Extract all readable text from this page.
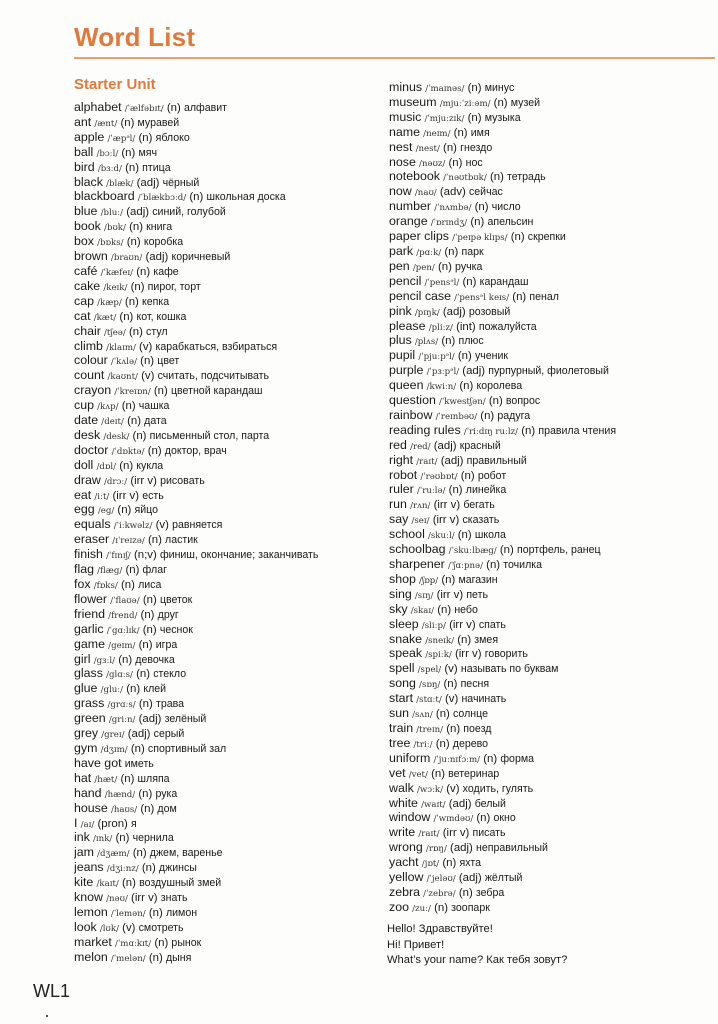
Word List
Starter Unit
alphabet /ˈælfəbɪt/ (n) алфавит
ant /ænt/ (n) муравей
apple /ˈæpᵊl/ (n) яблоко
ball /bɔːl/ (n) мяч
bird /bɜːd/ (n) птица
black /blæk/ (adj) чёрный
blackboard /ˈblækbɔːd/ (n) школьная доска
blue /bluː/ (adj) синий, голубой
book /bʊk/ (n) книга
box /bɒks/ (n) коробка
brown /braʊn/ (adj) коричневый
café /ˈkæfeɪ/ (n) кафе
cake /keɪk/ (n) пирог, торт
cap /kæp/ (n) кепка
cat /kæt/ (n) кот, кошка
chair /tʃeə/ (n) стул
climb /klaɪm/ (v) карабкаться, взбираться
colour /ˈkʌlə/ (n) цвет
count /kaʊnt/ (v) считать, подсчитывать
crayon /ˈkreɪɒn/ (n) цветной карандаш
cup /kʌp/ (n) чашка
date /deɪt/ (n) дата
desk /desk/ (n) письменный стол, парта
doctor /ˈdɒktə/ (n) доктор, врач
doll /dɒl/ (n) кукла
draw /drɔː/ (irr v) рисовать
eat /iːt/ (irr v) есть
egg /eg/ (n) яйцо
equals /ˈiːkwəlz/ (v) равняется
eraser /ɪˈreɪzə/ (n) ластик
finish /ˈfɪnɪʃ/ (n;v) финиш, окончание; заканчивать
flag /flæg/ (n) флаг
fox /fɒks/ (n) лиса
flower /ˈflaʊə/ (n) цветок
friend /frend/ (n) друг
garlic /ˈgɑːlɪk/ (n) чеснок
game /geɪm/ (n) игра
girl /gɜːl/ (n) девочка
glass /glɑːs/ (n) стекло
glue /gluː/ (n) клей
grass /grɑːs/ (n) трава
green /griːn/ (adj) зелёный
grey /greɪ/ (adj) серый
gym /dʒɪm/ (n) спортивный зал
have got иметь
hat /hæt/ (n) шляпа
hand /hænd/ (n) рука
house /haʊs/ (n) дом
I /aɪ/ (pron) я
ink /ɪnk/ (n) чернила
jam /dʒæm/ (n) джем, варенье
jeans /dʒiːnz/ (n) джинсы
kite /kaɪt/ (n) воздушный змей
know /nəʊ/ (irr v) знать
lemon /ˈlemən/ (n) лимон
look /lʊk/ (v) смотреть
market /ˈmɑːkɪt/ (n) рынок
melon /ˈmelən/ (n) дыня
minus /ˈmaɪnəs/ (n) минус
museum /mjuːˈziːəm/ (n) музей
music /ˈmjuːzɪk/ (n) музыка
name /neɪm/ (n) имя
nest /nest/ (n) гнездо
nose /nəʊz/ (n) нос
notebook /ˈnəʊtbʊk/ (n) тетрадь
now /naʊ/ (adv) сейчас
number /ˈnʌmbə/ (n) число
orange /ˈɒrɪndʒ/ (n) апельсин
paper clips /ˈpeɪpə klɪps/ (n) скрепки
park /pɑːk/ (n) парк
pen /pen/ (n) ручка
pencil /ˈpensᵊl/ (n) карандаш
pencil case /ˈpensᵊl keɪs/ (n) пенал
pink /pɪŋk/ (adj) розовый
please /pliːz/ (int) пожалуйста
plus /plʌs/ (n) плюс
pupil /ˈpjuːpᵊl/ (n) ученик
purple /ˈpɜːpᵊl/ (adj) пурпурный, фиолетовый
queen /kwiːn/ (n) королева
question /ˈkwestʃən/ (n) вопрос
rainbow /ˈreɪnbəʊ/ (n) радуга
reading rules /ˈriːdɪŋ ruːlz/ (n) правила чтения
red /red/ (adj) красный
right /raɪt/ (adj) правильный
robot /ˈrəʊbɒt/ (n) робот
ruler /ˈruːlə/ (n) линейка
run /rʌn/ (irr v) бегать
say /seɪ/ (irr v) сказать
school /skuːl/ (n) школа
schoolbag /ˈskuːlbæg/ (n) портфель, ранец
sharpener /ˈʃɑːpnə/ (n) точилка
shop /ʃɒp/ (n) магазин
sing /sɪŋ/ (irr v) петь
sky /skaɪ/ (n) небо
sleep /sliːp/ (irr v) спать
snake /sneɪk/ (n) змея
speak /spiːk/ (irr v) говорить
spell /spel/ (v) называть по буквам
song /sɒŋ/ (n) песня
start /stɑːt/ (v) начинать
sun /sʌn/ (n) солнце
train /treɪn/ (n) поезд
tree /triː/ (n) дерево
uniform /ˈjuːnɪfɔːm/ (n) форма
vet /vet/ (n) ветеринар
walk /wɔːk/ (v) ходить, гулять
white /waɪt/ (adj) белый
window /ˈwɪndəʊ/ (n) окно
write /raɪt/ (irr v) писать
wrong /rɒŋ/ (adj) неправильный
yacht /jɒt/ (n) яхта
yellow /ˈjeləʊ/ (adj) жёлтый
zebra /ˈzebrə/ (n) зебра
zoo /zuː/ (n) зоопарк
Hello! Здравствуйте!
Hi! Привет!
What’s your name? Как тебя зовут?
WL1
